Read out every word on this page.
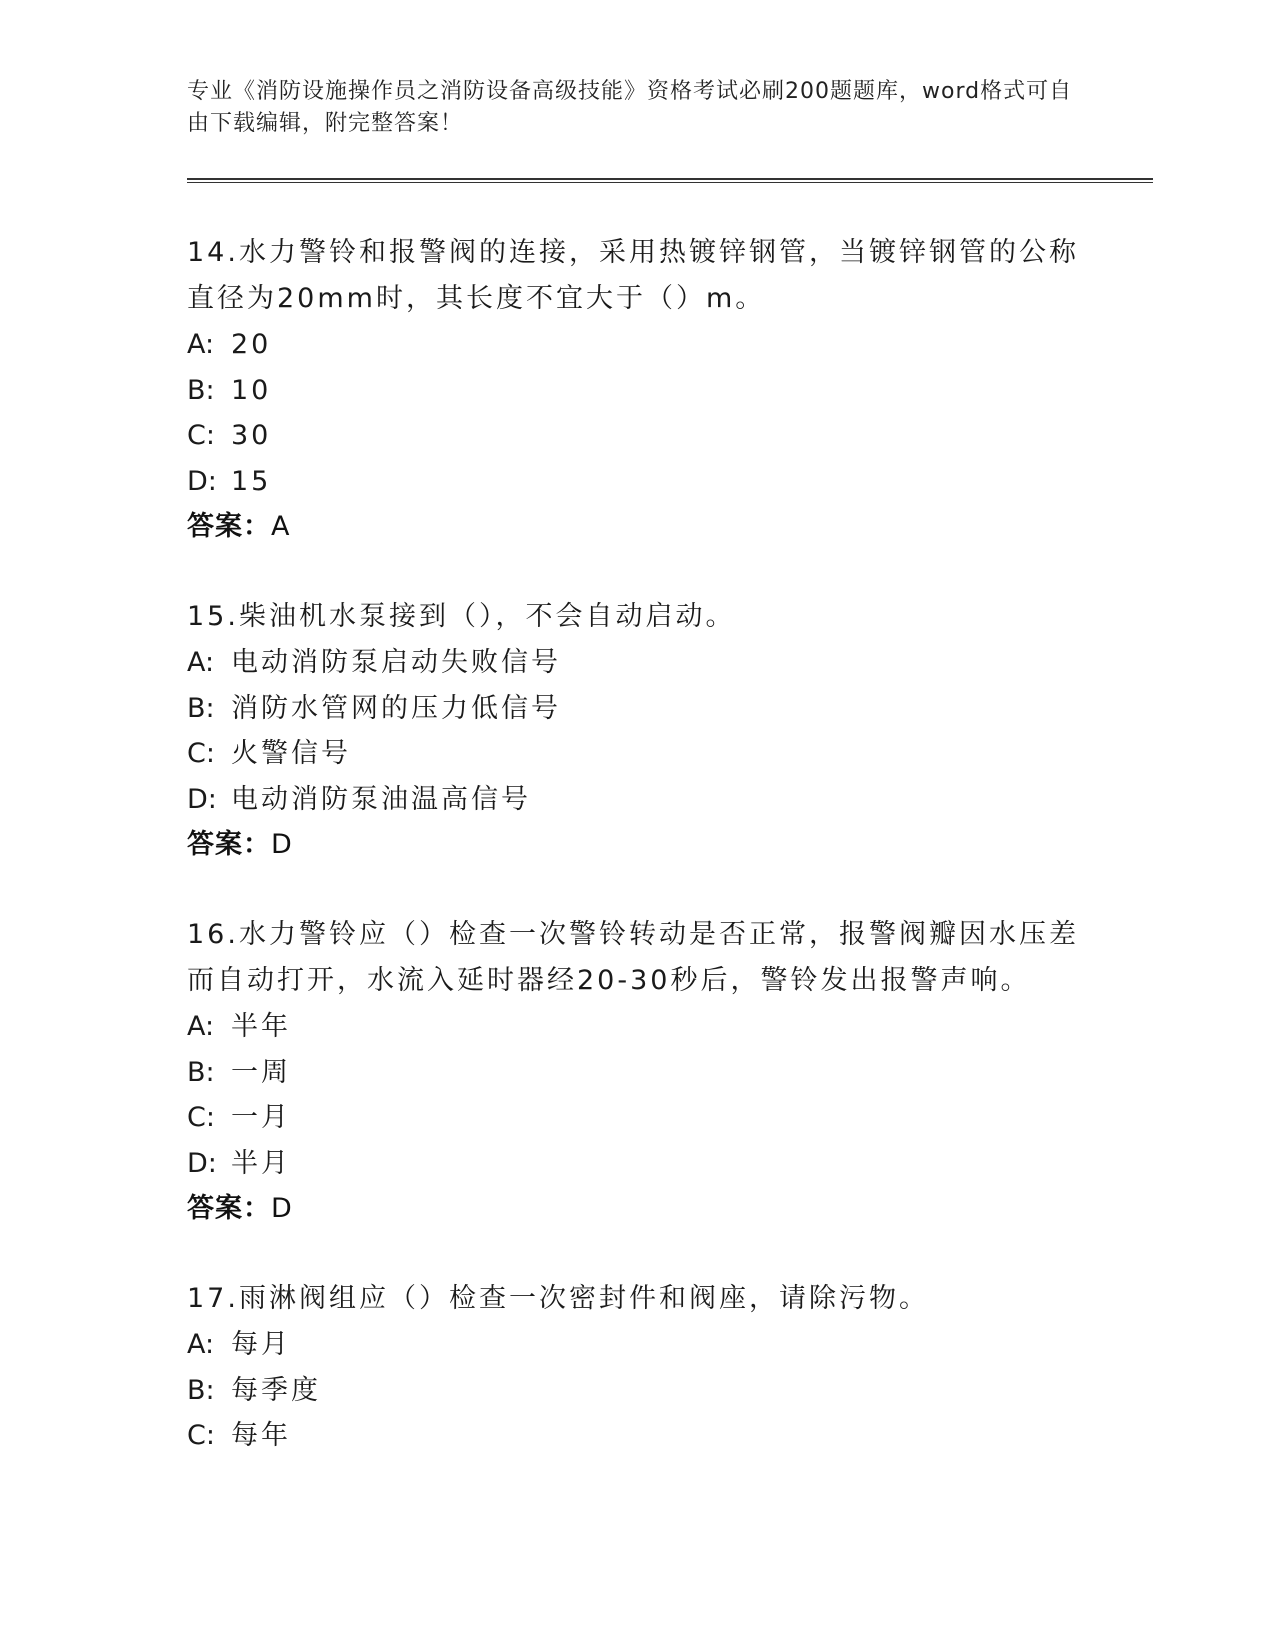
专业《消防设施操作员之消防设备高级技能》资格考试必刷200题题库，word格式可自由下载编辑，附完整答案！
14.水力警铃和报警阀的连接，采用热镀锌钢管，当镀锌钢管的公称直径为20mm时，其长度不宜大于（）m。
A: 20
B: 10
C: 30
D: 15
答案：A
15.柴油机水泵接到（），不会自动启动。
A: 电动消防泵启动失败信号
B: 消防水管网的压力低信号
C: 火警信号
D: 电动消防泵油温高信号
答案：D
16.水力警铃应（）检查一次警铃转动是否正常，报警阀瓣因水压差而自动打开，水流入延时器经20-30秒后，警铃发出报警声响。
A: 半年
B: 一周
C: 一月
D: 半月
答案：D
17.雨淋阀组应（）检查一次密封件和阀座，请除污物。
A: 每月
B: 每季度
C: 每年
